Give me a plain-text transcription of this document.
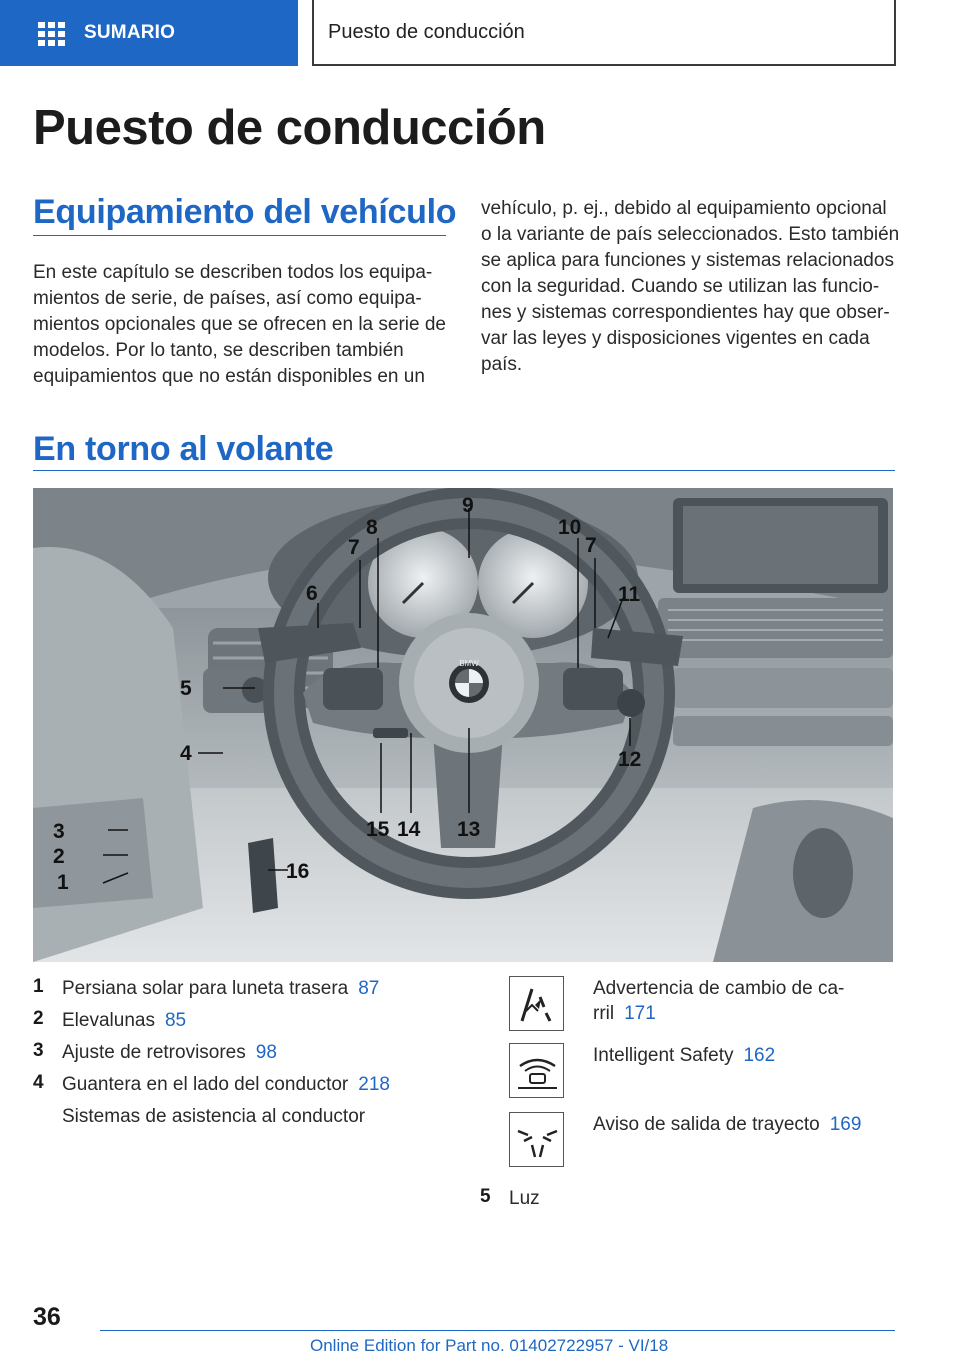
SUMARIO	Puesto de conducción
Puesto de conducción
Equipamiento del vehículo
En este capítulo se describen todos los equipa-
mientos de serie, de países, así como equipa-
mientos opcionales que se ofrecen en la serie de
modelos. Por lo tanto, se describen también
equipamientos que no están disponibles en un
vehículo, p. ej., debido al equipamiento opcional
o la variante de país seleccionados. Esto también
se aplica para funciones y sistemas relacionados
con la seguridad. Cuando se utilizan las funcio-
nes y sistemas correspondientes hay que obser-
var las leyes y disposiciones vigentes en cada
país.
En torno al volante
BMW
3
2
1
4
5
6
7
8
9
10
7
11
12
13
14
15
16
1 Persiana solar para luneta trasera 87
2 Elevalunas 85
3 Ajuste de retrovisores 98
4 Guantera en el lado del conductor 218
Sistemas de asistencia al conductor
Advertencia de cambio de ca-
rril 171
Intelligent Safety 162
Aviso de salida de trayecto 169
5 Luz
36
Online Edition for Part no. 01402722957 - VI/18
